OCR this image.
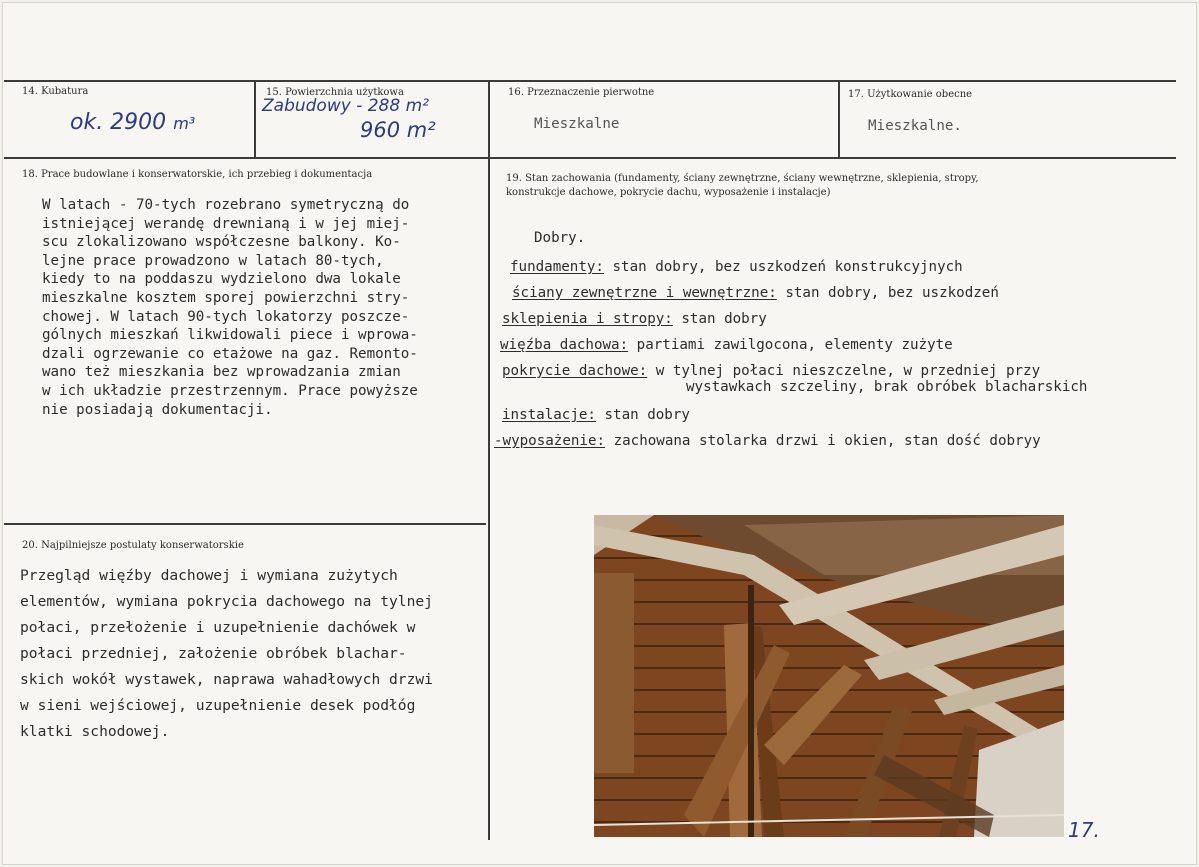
14. Kubatura
ok. 2900 m³
15. Powierzchnia użytkowa
Zabudowy - 288 m²
960 m²
16. Przeznaczenie pierwotne
Mieszkalne
17. Użytkowanie obecne
Mieszkalne.
18. Prace budowlane i konserwatorskie, ich przebieg i dokumentacja
W latach - 70-tych rozebrano symetryczną do
istniejącej werandę drewnianą i w jej miej-
scu zlokalizowano współczesne balkony. Ko-
lejne prace prowadzono w latach 80-tych,
kiedy to na poddaszu wydzielono dwa lokale
mieszkalne kosztem sporej powierzchni stry-
chowej. W latach 90-tych lokatorzy poszcze-
gólnych mieszkań likwidowali piece i wprowa-
dzali ogrzewanie co etażowe na gaz. Remonto-
wano też mieszkania bez wprowadzania zmian
w ich układzie przestrzennym. Prace powyższe
nie posiadają dokumentacji.
19. Stan zachowania (fundamenty, ściany zewnętrzne, ściany wewnętrzne, sklepienia, stropy,
konstrukcje dachowe, pokrycie dachu, wyposażenie i instalacje)
Dobry.
fundamenty: stan dobry, bez uszkodzeń konstrukcyjnych
ściany zewnętrzne i wewnętrzne: stan dobry, bez uszkodzeń
sklepienia i stropy: stan dobry
więźba dachowa: partiami zawilgocona, elementy zużyte
pokrycie dachowe: w tylnej połaci nieszczelne, w przedniej przy
wystawkach szczeliny, brak obróbek blacharskich
instalacje: stan dobry
-wyposażenie: zachowana stolarka drzwi i okien, stan dość dobryy
20. Najpilniejsze postulaty konserwatorskie
Przegląd więźby dachowej i wymiana zużytych
elementów, wymiana pokrycia dachowego na tylnej
połaci, przełożenie i uzupełnienie dachówek w
połaci przedniej, założenie obróbek blachar-
skich wokół wystawek, naprawa wahadłowych drzwi
w sieni wejściowej, uzupełnienie desek podłóg
klatki schodowej.
17.
